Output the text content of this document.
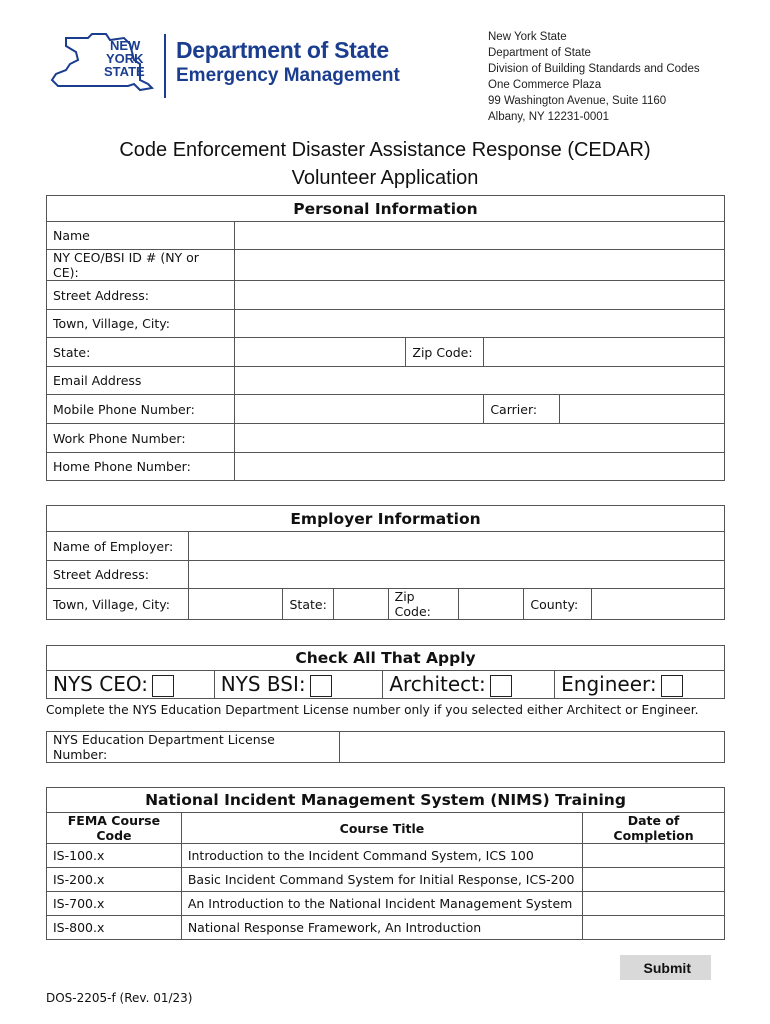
NEW
YORK
STATE
Department of State
Emergency Management
New York State
Department of State
Division of Building Standards and Codes
One Commerce Plaza
99 Washington Avenue, Suite 1160
Albany, NY 12231-0001
Code Enforcement Disaster Assistance Response (CEDAR)
Volunteer Application
Personal Information				
Name	
NY CEO/BSI ID # (NY or CE):	
Street Address:	
Town, Village, City:	
State:		Zip Code:	
Email Address	
Mobile Phone Number:			Carrier:	
Work Phone Number:	
Home Phone Number:	
Employer Information							
Name of Employer:	
Street Address:	
Town, Village, City:		State:		Zip Code:		County:	
Check All That Apply
NYS CEO:	NYS BSI:	Architect:	Engineer:
Complete the NYS Education Department License number only if you selected either Architect or Engineer.
NYS Education Department License Number:	
National Incident Management System (NIMS) Training		
FEMA Course Code	Course Title	Date of Completion
IS-100.x	Introduction to the Incident Command System, ICS 100	
IS-200.x	Basic Incident Command System for Initial Response, ICS-200	
IS-700.x	An Introduction to the National Incident Management System	
IS-800.x	National Response Framework, An Introduction	
Submit
DOS-2205-f (Rev. 01/23)
